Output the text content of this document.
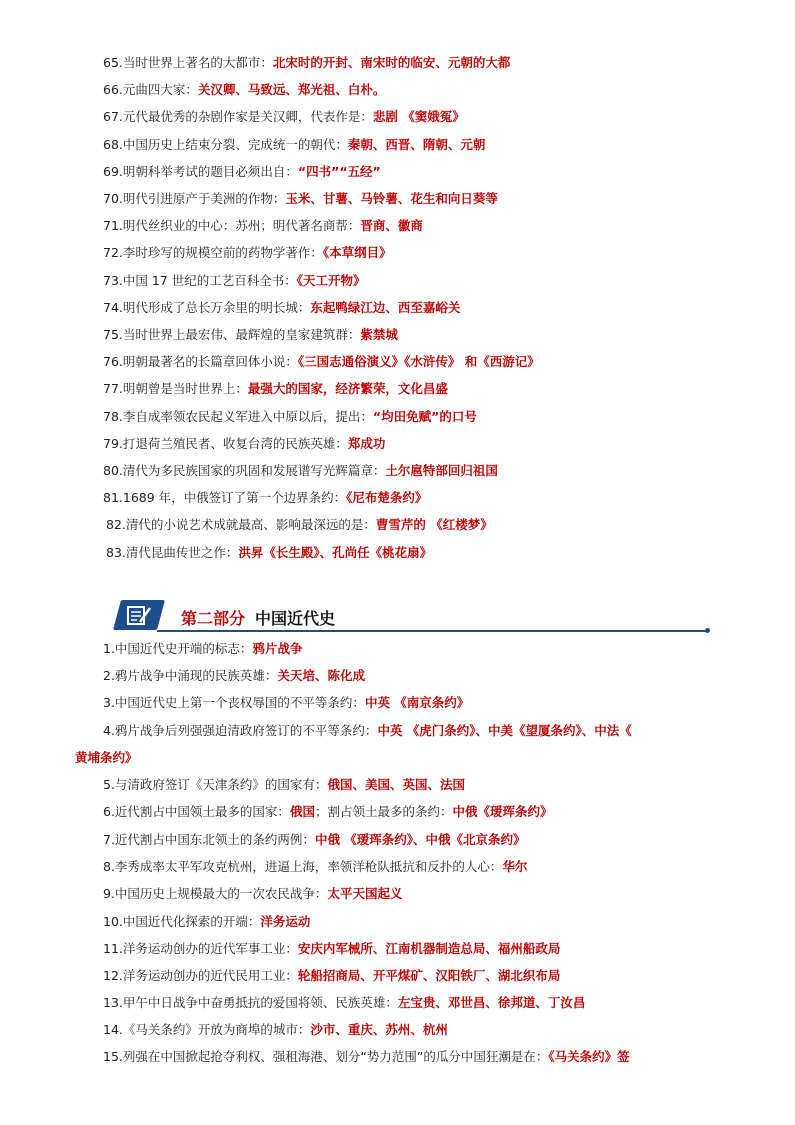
65.当时世界上著名的大都市：北宋时的开封、南宋时的临安、元朝的大都
66.元曲四大家：关汉卿、马致远、郑光祖、白朴。
67.元代最优秀的杂剧作家是关汉卿，代表作是：悲剧 《窦娥冤》
68.中国历史上结束分裂、完成统一的朝代：秦朝、西晋、隋朝、元朝
69.明朝科举考试的题目必须出自：“四书”“五经”
70.明代引进原产于美洲的作物：玉米、甘薯、马铃薯、花生和向日葵等
71.明代丝织业的中心：苏州；明代著名商帮：晋商、徽商
72.李时珍写的规模空前的药物学著作：《本草纲目》
73.中国 17 世纪的工艺百科全书：《天工开物》
74.明代形成了总长万余里的明长城：东起鸭绿江边、西至嘉峪关
75.当时世界上最宏伟、最辉煌的皇家建筑群：紫禁城
76.明朝最著名的长篇章回体小说：《三国志通俗演义》《水浒传》 和《西游记》
77.明朝曾是当时世界上：最强大的国家，经济繁荣，文化昌盛
78.李自成率领农民起义军进入中原以后，提出：“均田免赋”的口号
79.打退荷兰殖民者、收复台湾的民族英雄：郑成功
80.清代为多民族国家的巩固和发展谱写光辉篇章：土尔扈特部回归祖国
81.1689 年，中俄签订了第一个边界条约：《尼布楚条约》
82.清代的小说艺术成就最高、影响最深远的是：曹雪芹的 《红楼梦》
83.清代昆曲传世之作：洪昇《长生殿》、孔尚任《桃花扇》
第二部分 中国近代史
1.中国近代史开端的标志：鸦片战争
2.鸦片战争中涌现的民族英雄：关天培、陈化成
3.中国近代史上第一个丧权辱国的不平等条约：中英 《南京条约》
4.鸦片战争后列强强迫清政府签订的不平等条约：中英 《虎门条约》、中美《望厦条约》、中法《
黄埔条约》
5.与清政府签订《天津条约》的国家有：俄国、美国、英国、法国
6.近代割占中国领土最多的国家：俄国；割占领土最多的条约：中俄《瑷珲条约》
7.近代割占中国东北领土的条约两例：中俄 《瑷珲条约》、中俄《北京条约》
8.李秀成率太平军攻克杭州，进逼上海，率领洋枪队抵抗和反扑的人心：华尔
9.中国历史上规模最大的一次农民战争：太平天国起义
10.中国近代化探索的开端：洋务运动
11.洋务运动创办的近代军事工业：安庆内军械所、江南机器制造总局、福州船政局
12.洋务运动创办的近代民用工业：轮船招商局、开平煤矿、汉阳铁厂、湖北织布局
13.甲午中日战争中奋勇抵抗的爱国将领、民族英雄：左宝贵、邓世昌、徐邦道、丁汝昌
14.《马关条约》开放为商埠的城市：沙市、重庆、苏州、杭州
15.列强在中国掀起抢夺利权、强租海港、划分“势力范围”的瓜分中国狂潮是在：《马关条约》签
